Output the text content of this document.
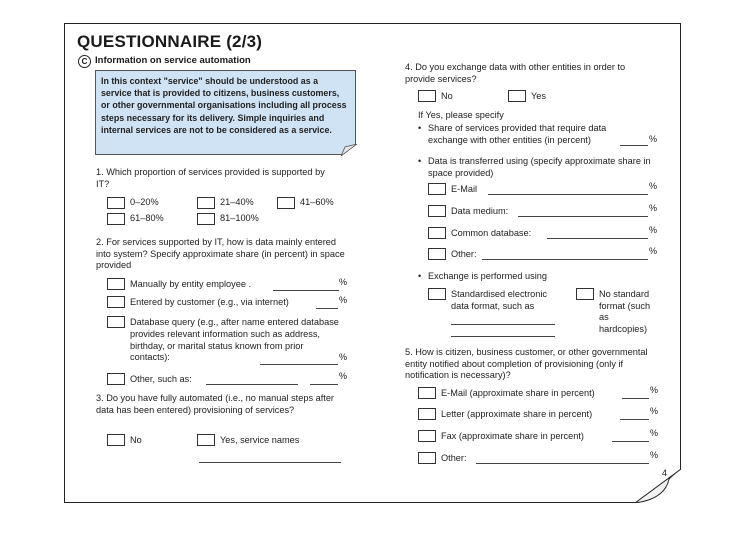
4
QUESTIONNAIRE (2/3)
C Information on service automation
In this context "service" should be understood as a service that is provided to citizens, business customers, or other governmental organisations including all process steps necessary for its delivery. Simple inquiries and internal services are not to be considered as a service.
1. Which proportion of services provided is supported by IT?
0–20%	21–40%	41–60%
61–80%	81–100%
2. For services supported by IT, how is data mainly entered into system? Specify approximate share (in percent) in space provided
Manually by entity employee .	%
Entered by customer (e.g., via internet)	%
Database query (e.g., after name entered database provides relevant information such as address, birthday, or marital status known from prior contacts):	%
Other, such as:	%
3. Do you have fully automated (i.e., no manual steps after data has been entered) provisioning of services?
No	Yes, service names
4. Do you exchange data with other entities in order to provide services?
No	Yes
If Yes, please specify
• Share of services provided that require data exchange with other entities (in percent)	%
• Data is transferred using (specify approximate share in space provided)
E-Mail	%
Data medium:	%
Common database:	%
Other:	%
• Exchange is performed using
Standardised electronic data format, such as
No standard format (such as hardcopies)
5. How is citizen, business customer, or other governmental entity notified about completion of provisioning (only if notification is necessary)?
E-Mail (approximate share in percent)	%
Letter (approximate share in percent)	%
Fax (approximate share in percent)	%
Other:	%
